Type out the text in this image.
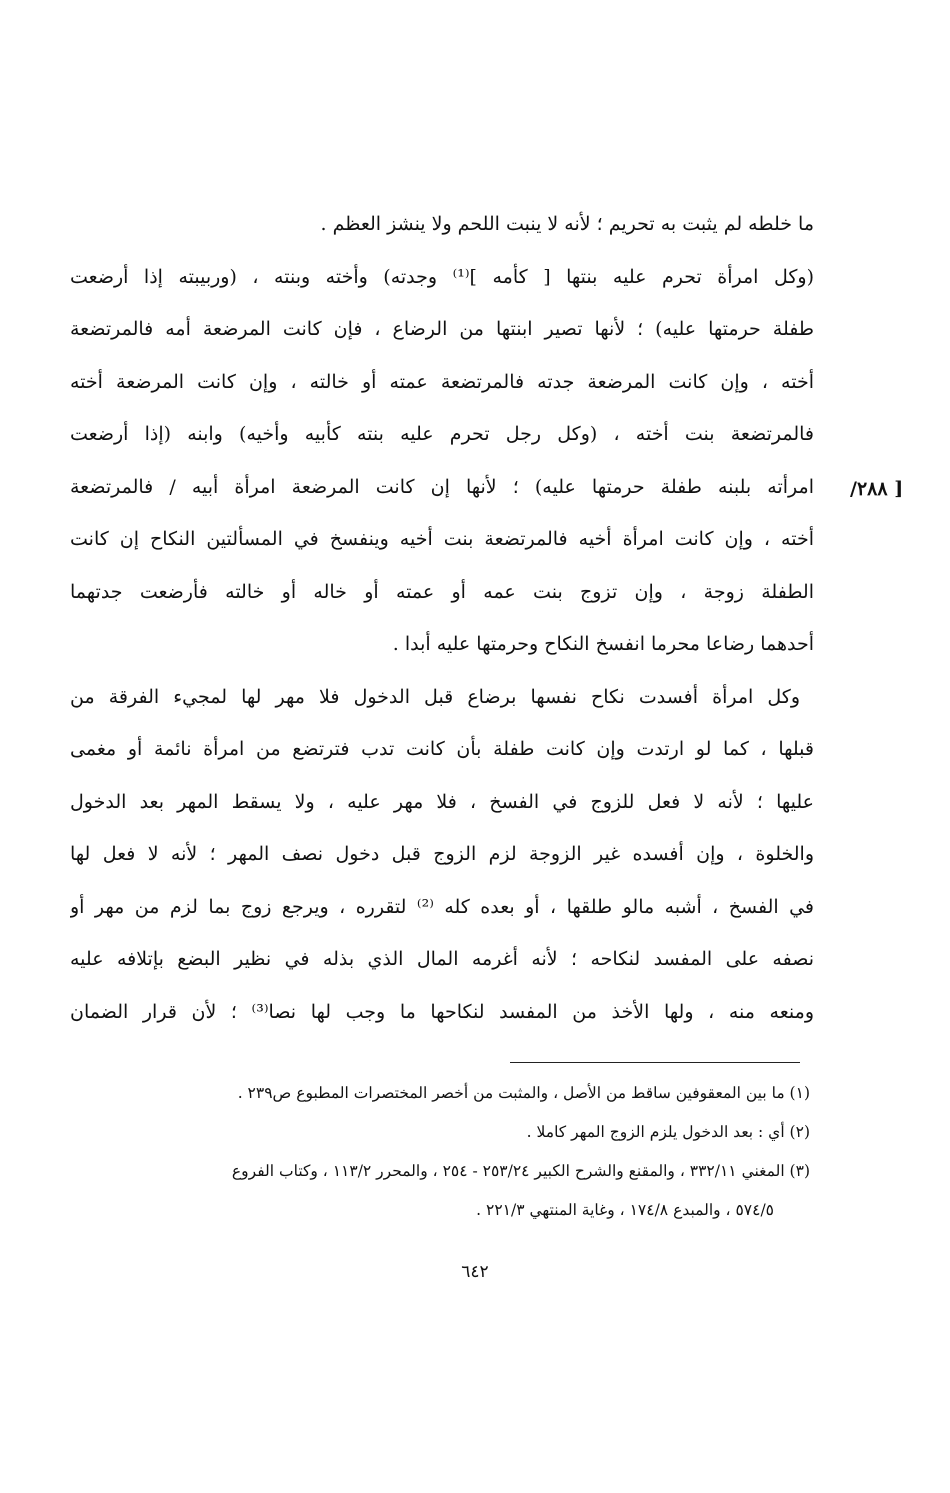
ما خلطه لم يثبت به تحريم ؛ لأنه لا ينبت اللحم ولا ينشز العظم .
(وكل امرأة تحرم عليه بنتها [ كأمه ]⁽¹⁾ وجدته) وأخته وبنته ، (وربيبته إذا أرضعت
طفلة حرمتها عليه) ؛ لأنها تصير ابنتها من الرضاع ، فإن كانت المرضعة أمه فالمرتضعة
أخته ، وإن كانت المرضعة جدته فالمرتضعة عمته أو خالته ، وإن كانت المرضعة أخته
فالمرتضعة بنت أخته ، (وكل رجل تحرم عليه بنته كأبيه وأخيه) وابنه (إذا أرضعت
امرأته بلبنه طفلة حرمتها عليه) ؛ لأنها إن كانت المرضعة امرأة أبيه / فالمرتضعة
أخته ، وإن كانت امرأة أخيه فالمرتضعة بنت أخيه وينفسخ في المسألتين النكاح إن كانت
الطفلة زوجة ، وإن تزوج بنت عمه أو عمته أو خاله أو خالته فأرضعت جدتهما
أحدهما رضاعا محرما انفسخ النكاح وحرمتها عليه أبدا .
وكل امرأة أفسدت نكاح نفسها برضاع قبل الدخول فلا مهر لها لمجيء الفرقة من
قبلها ، كما لو ارتدت وإن كانت طفلة بأن كانت تدب فترتضع من امرأة نائمة أو مغمى
عليها ؛ لأنه لا فعل للزوج في الفسخ ، فلا مهر عليه ، ولا يسقط المهر بعد الدخول
والخلوة ، وإن أفسده غير الزوجة لزم الزوج قبل دخول نصف المهر ؛ لأنه لا فعل لها
في الفسخ ، أشبه مالو طلقها ، أو بعده كله ⁽²⁾ لتقرره ، ويرجع زوج بما لزم من مهر أو
نصفه على المفسد لنكاحه ؛ لأنه أغرمه المال الذي بذله في نظير البضع بإتلافه عليه
ومنعه منه ، ولها الأخذ من المفسد لنكاحها ما وجب لها نصا⁽³⁾ ؛ لأن قرار الضمان
[ ٢٨٨/
(١) ما بين المعقوفين ساقط من الأصل ، والمثبت من أخصر المختصرات المطبوع ص٢٣٩ .
(٢) أي : بعد الدخول يلزم الزوج المهر كاملا .
(٣) المغني ٣٣٢/١١ ، والمقنع والشرح الكبير ٢٥٣/٢٤ - ٢٥٤ ، والمحرر ١١٣/٢ ، وكتاب الفروع
٥٧٤/٥ ، والمبدع ١٧٤/٨ ، وغاية المنتهي ٢٢١/٣ .
٦٤٢
